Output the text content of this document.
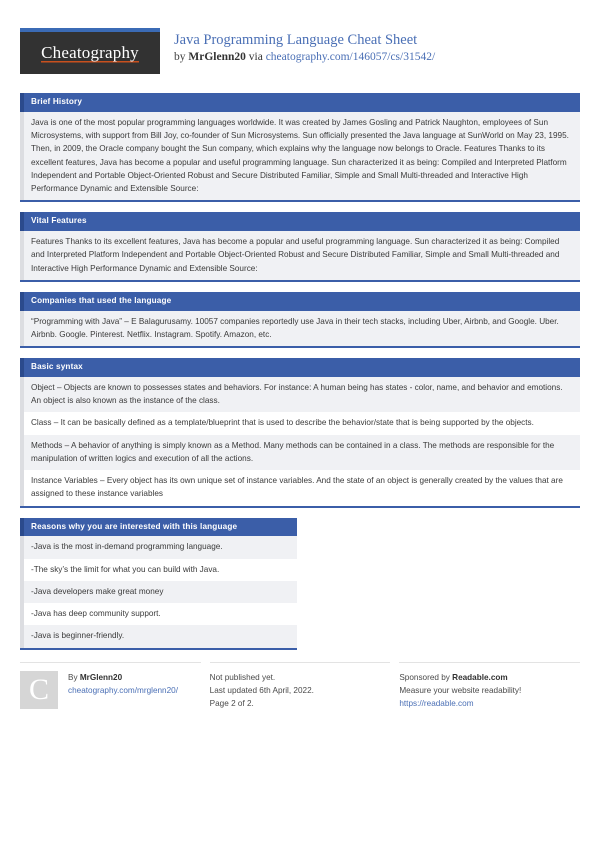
Cheatography
Java Programming Language Cheat Sheet
by MrGlenn20 via cheatography.com/146057/cs/31542/
Brief History
Java is one of the most popular programming languages worldwide. It was created by James Gosling and Patrick Naughton, employees of Sun Microsystems, with support from Bill Joy, co-founder of Sun Microsystems. Sun officially presented the Java language at SunWorld on May 23, 1995. Then, in 2009, the Oracle company bought the Sun company, which explains why the language now belongs to Oracle. Features Thanks to its excellent features, Java has become a popular and useful programming language. Sun characterized it as being: Compiled and Interpreted Platform Independent and Portable Object-Oriented Robust and Secure Distributed Familiar, Simple and Small Multi-threaded and Interactive High Performance Dynamic and Extensible Source:
Vital Features
Features Thanks to its excellent features, Java has become a popular and useful programming language. Sun characterized it as being: Compiled and Interpreted Platform Independent and Portable Object-Oriented Robust and Secure Distributed Familiar, Simple and Small Multi-threaded and Interactive High Performance Dynamic and Extensible Source:
Companies that used the language
“Programming with Java” – E Balagurusamy. 10057 companies reportedly use Java in their tech stacks, including Uber, Airbnb, and Google. Uber. Airbnb. Google. Pinterest. Netflix. Instagram. Spotify. Amazon, etc.
Basic syntax
Object – Objects are known to possesses states and behaviors. For instance: A human being has states - color, name, and behavior and emotions. An object is also known as the instance of the class.
Class – It can be basically defined as a template/blueprint that is used to describe the behavior/state that is being supported by the objects.
Methods – A behavior of anything is simply known as a Method. Many methods can be contained in a class. The methods are responsible for the manipulation of written logics and execution of all the actions.
Instance Variables – Every object has its own unique set of instance variables. And the state of an object is generally created by the values that are assigned to these instance variables
Reasons why you are interested with this language
-Java is the most in-demand programming language.
-The sky’s the limit for what you can build with Java.
-Java developers make great money
-Java has deep community support.
-Java is beginner-friendly.
C	By MrGlenn20
cheatography.com/mrglenn20/
Not published yet.
Last updated 6th April, 2022.
Page 2 of 2.
Sponsored by Readable.com
Measure your website readability!
https://readable.com
